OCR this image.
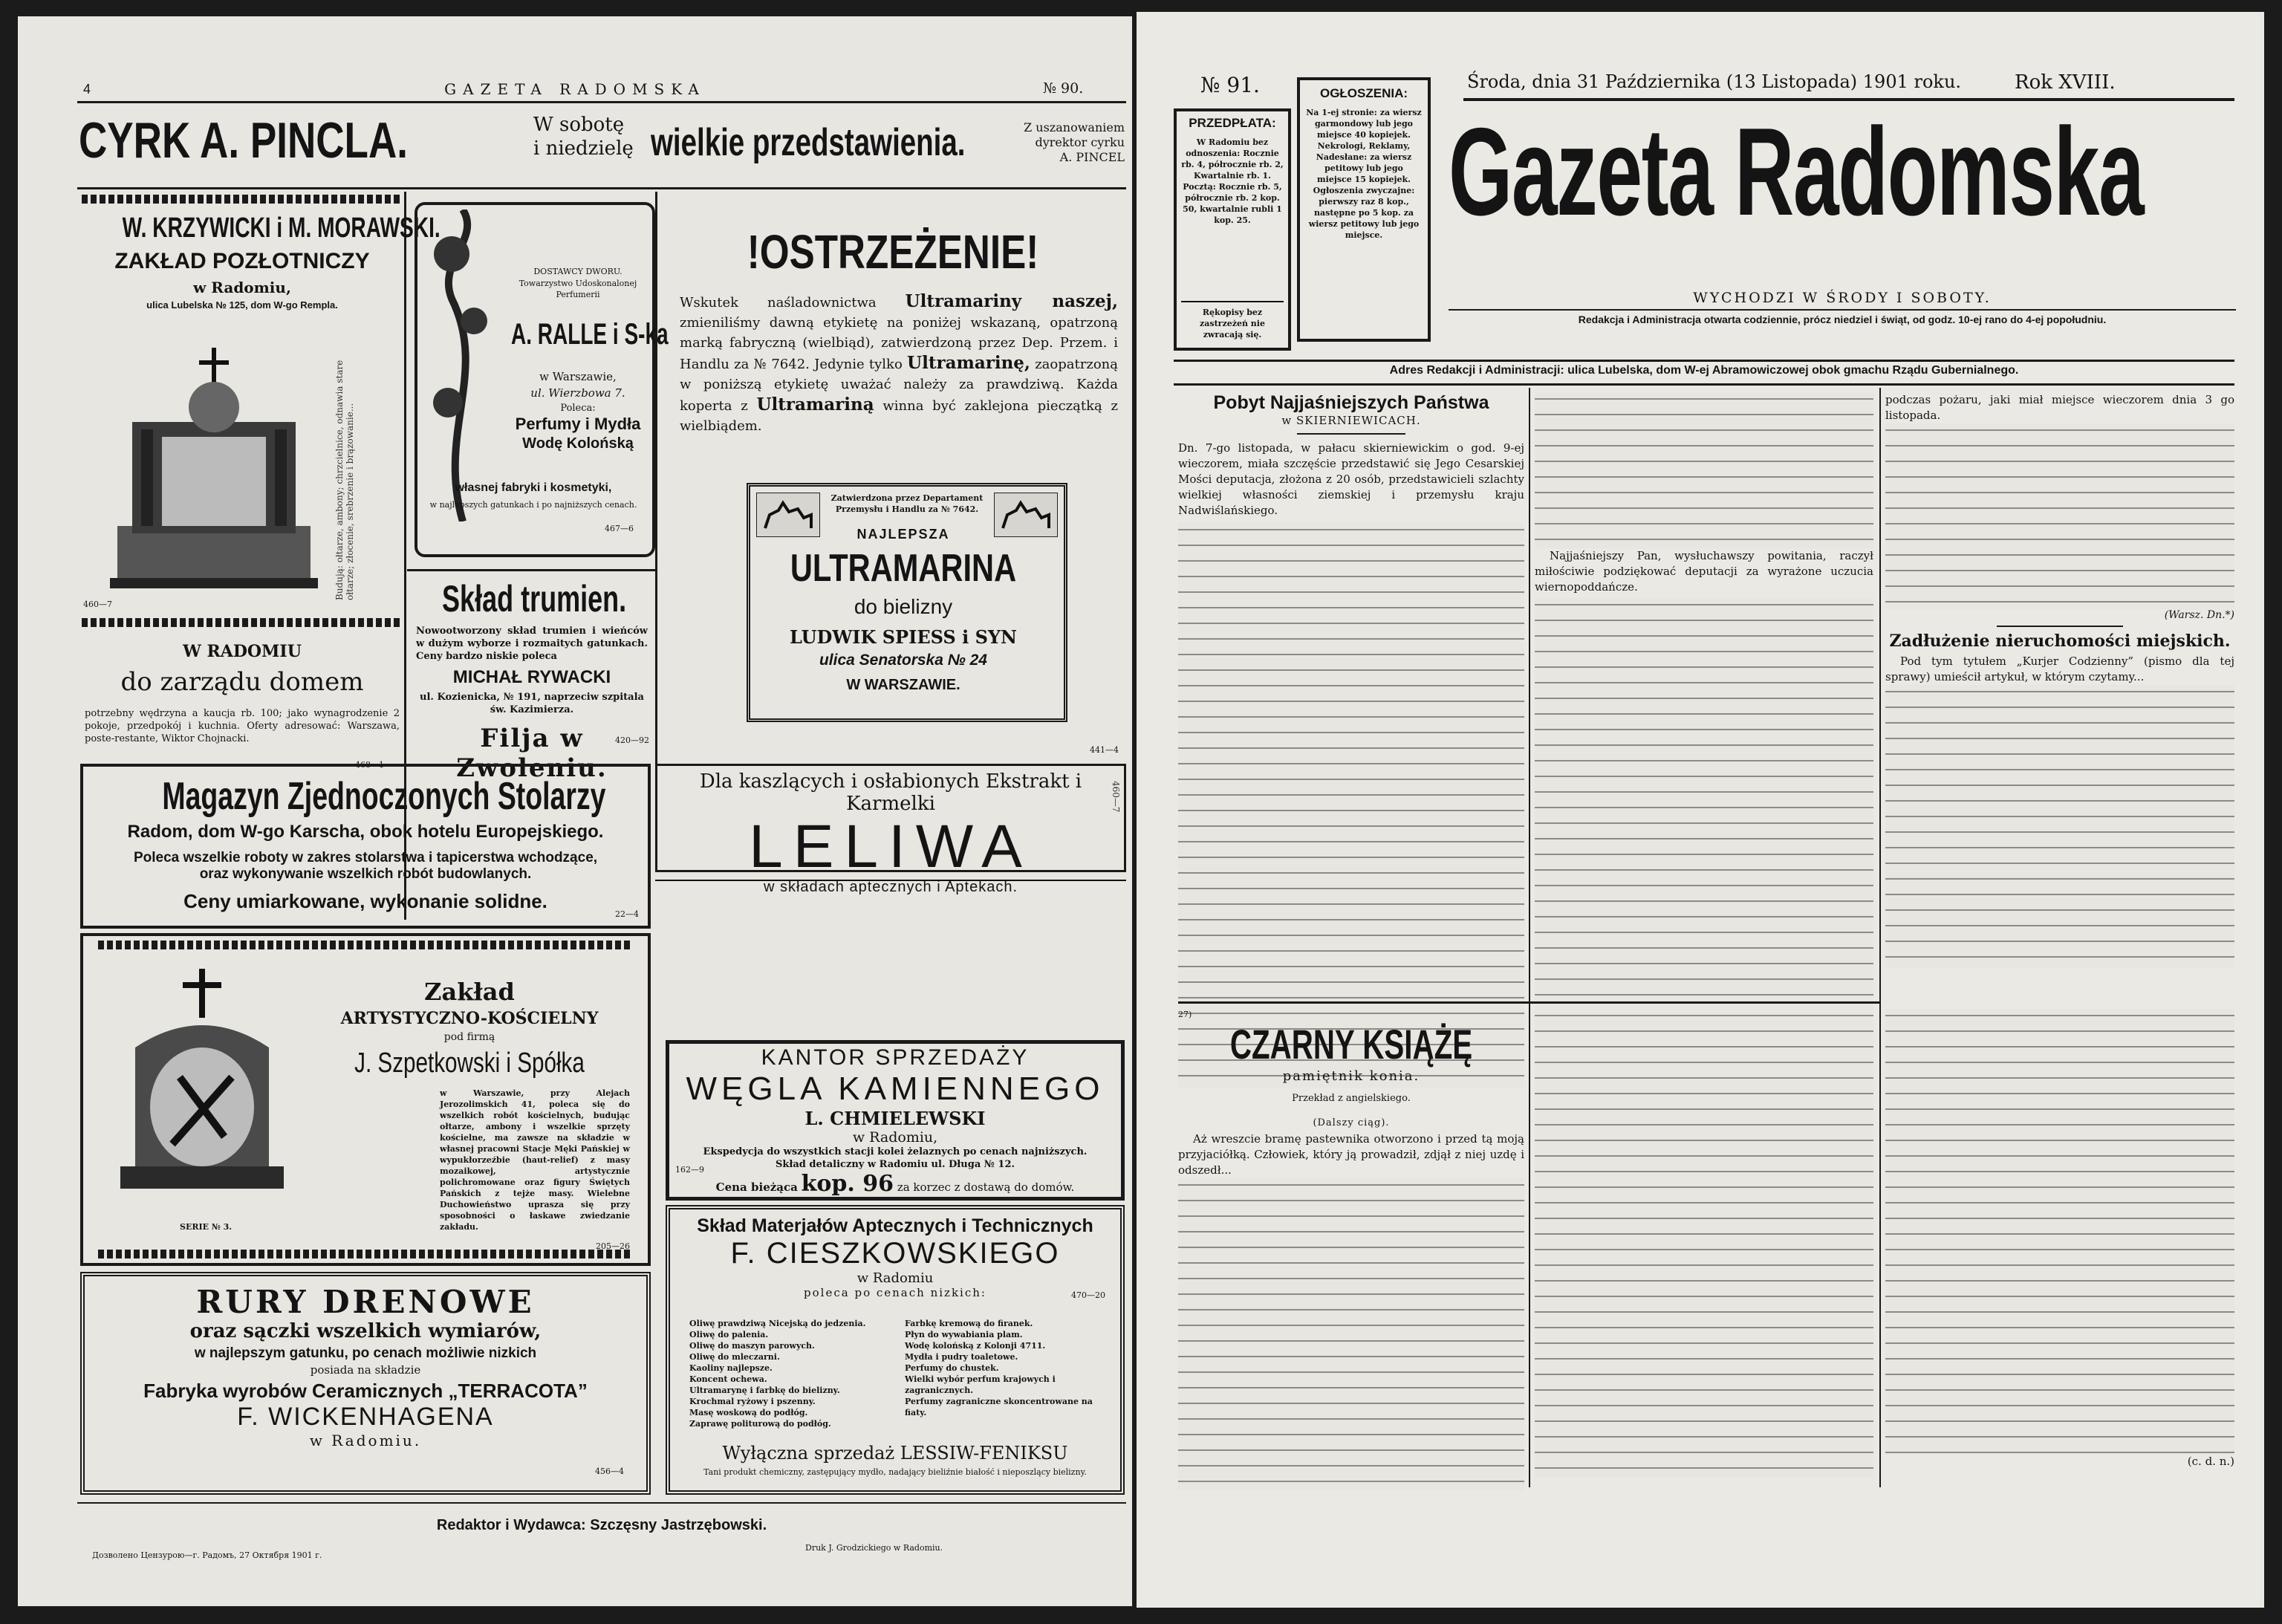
4	GAZETA RADOMSKA	№ 90.
CYRK A. PINCLA.	W sobotę
i niedzielę wielkie przedstawienia.	Z uszanowaniem
dyrektor cyrku
A. PINCEL
W. KRZYWICKI i M. MORAWSKI.
ZAKŁAD POZŁOTNICZY
w Radomiu,
ulica Lubelska № 125, dom W-go Rempla.
Budują: ołtarze, ambony; chrzcielnice, odnawia stare ołtarze; złocenie, srebrzenie i brązowanie...
460—7
W RADOMIU
do zarządu domem
potrzebny wędrzyna a kaucja rb. 100; jako wynagrodzenie 2 pokoje, przedpokój i kuchnia. Oferty adresować: Warszawa, poste-restante, Wiktor Chojnacki.
468—1
DOSTAWCY DWORU.
Towarzystwo Udoskonalonej Perfumerii
A. RALLE i S-ka
w Warszawie,
ul. Wierzbowa 7.
Poleca:
Perfumy i Mydła
Wodę Kolońską
własnej fabryki i kosmetyki,
w najlepszych gatunkach i po najniższych cenach.
467—6
Skład trumien.
Nowootworzony skład trumien i wieńców w dużym wyborze i rozmaitych gatunkach. Ceny bardzo niskie poleca
MICHAŁ RYWACKI
ul. Kozienicka, № 191, naprzeciw szpitala św. Kazimierza.
Filja w Zwoleniu.
420—92
!OSTRZEŻENIE!
Wskutek naśladownictwa Ultramariny naszej, zmieniliśmy dawną etykietę na poniżej wskazaną, opatrzoną marką fabryczną (wielbiąd), zatwierdzoną przez Dep. Przem. i Handlu za № 7642. Jedynie tylko Ultramarinę, zaopatrzoną w poniższą etykietę uważać należy za prawdziwą. Każda koperta z Ultramariną winna być zaklejona pieczątką z wielbiądem.
Zatwierdzona przez Departament Przemysłu i Handlu za № 7642.
NAJLEPSZA
ULTRAMARINA
do bielizny
LUDWIK SPIESS i SYN
ulica Senatorska № 24
W WARSZAWIE.
441—4
Magazyn Zjednoczonych Stolarzy
Radom, dom W-go Karscha, obok hotelu Europejskiego.
Poleca wszelkie roboty w zakres stolarstwa i tapicerstwa wchodzące, oraz wykonywanie wszelkich robót budowlanych.
Ceny umiarkowane, wykonanie solidne.
22—4
Dla kaszlących i osłabionych Ekstrakt i Karmelki
LELIWA
w składach aptecznych i Aptekach.
460—7
SERIE № 3.
Zakład
ARTYSTYCZNO-KOŚCIELNY
pod firmą
J. Szpetkowski i Spółka
w Warszawie, przy Alejach Jerozolimskich 41, poleca się do wszelkich robót kościelnych, budując ołtarze, ambony i wszelkie sprzęty kościelne, ma zawsze na składzie w własnej pracowni Stacje Męki Pańskiej w wypukłorzeźbie (haut-relief) z masy mozaikowej, artystycznie polichromowane oraz figury Świętych Pańskich z tejże masy. Wielebne Duchowieństwo uprasza się przy sposobności o łaskawe zwiedzanie zakładu.
205—26
KANTOR SPRZEDAŻY
WĘGLA KAMIENNEGO
L. CHMIELEWSKI
w Radomiu,
Ekspedycja do wszystkich stacji kolei żelaznych po cenach najniższych.
Skład detaliczny w Radomiu ul. Długa № 12.
Cena bieżąca kop. 96 za korzec z dostawą do domów.
162—9
Skład Materjałów Aptecznych i Technicznych
F. CIESZKOWSKIEGO
w Radomiu
poleca po cenach nizkich:	470—20
Oliwę prawdziwą Nicejską do jedzenia.
Oliwę do palenia.
Oliwę do maszyn parowych.
Oliwę do mleczarni.
Kaoliny najlepsze.
Koncent ochewa.
Ultramarynę i farbkę do bielizny.
Krochmal ryżowy i pszenny.
Masę woskową do podłóg.
Zaprawę politurową do podłóg.
Farbkę kremową do firanek.
Płyn do wywabiania plam.
Wodę kolońską z Kolonji 4711.
Mydła i pudry toaletowe.
Perfumy do chustek.
Wielki wybór perfum krajowych i zagranicznych.
Perfumy zagraniczne skoncentrowane na fiaty.
Wyłączna sprzedaż LESSIW-FENIKSU
Tani produkt chemiczny, zastępujący mydło, nadający bieliźnie białość i nieposzlący bielizny.
RURY DRENOWE
oraz sączki wszelkich wymiarów,
w najlepszym gatunku, po cenach możliwie nizkich
posiada na składzie
Fabryka wyrobów Ceramicznych „TERRACOTA”
F. WICKENHAGENA
w Radomiu.
456—4
Redaktor i Wydawca: Szczęsny Jastrzębowski.
Дозволено Цензурою—г. Радомъ, 27 Октября 1901 г.
Druk J. Grodzickiego w Radomiu.
№ 91.	Środa, dnia 31 Października (13 Listopada) 1901 roku.	Rok XVIII.
PRZEDPŁATA:
W Radomiu bez odnoszenia: Rocznie rb. 4, półrocznie rb. 2, Kwartalnie rb. 1. Pocztą: Rocznie rb. 5, półrocznie rb. 2 kop. 50, kwartalnie rubli 1 kop. 25.
Rękopisy bez zastrzeżeń nie zwracają się.
OGŁOSZENIA:
Na 1-ej stronie: za wiersz garmondowy lub jego miejsce 40 kopiejek. Nekrologi, Reklamy, Nadesłane: za wiersz petitowy lub jego miejsce 15 kopiejek. Ogłoszenia zwyczajne: pierwszy raz 8 kop., następne po 5 kop. za wiersz petitowy lub jego miejsce. Gazeta Radomska
WYCHODZI W ŚRODY I SOBOTY.
Redakcja i Administracja otwarta codziennie, prócz niedziel i świąt, od godz. 10-ej rano do 4-ej popołudniu.
Adres Redakcji i Administracji: ulica Lubelska, dom W-ej Abramowiczowej obok gmachu Rządu Gubernialnego.
Pobyt Najjaśniejszych Państwa
w SKIERNIEWICACH.
Dn. 7-go listopada, w pałacu skierniewickim o god. 9-ej wieczorem, miała szczęście przedstawić się Jego Cesarskiej Mości deputacja, złożona z 20 osób, przedstawicieli szlachty wielkiej własności ziemskiej i przemysłu kraju Nadwiślańskiego.
Najjaśniejszy Pan, wysłuchawszy powitania, raczył miłościwie podziękować deputacji za wyrażone uczucia wiernopoddańcze.
podczas pożaru, jaki miał miejsce wieczorem dnia 3 go listopada.
(Warsz. Dn.*)
Zadłużenie nieruchomości miejskich.
Pod tym tytułem „Kurjer Codzienny” (pismo dla tej sprawy) umieścił artykuł, w którym czytamy...
27)
CZARNY KSIĄŻĘ
pamiętnik konia.
Przekład z angielskiego.
(Dalszy ciąg).
Aż wreszcie bramę pastewnika otworzono i przed tą moją przyjaciółką. Człowiek, który ją prowadził, zdjął z niej uzdę i odszedł...
(c. d. n.)
